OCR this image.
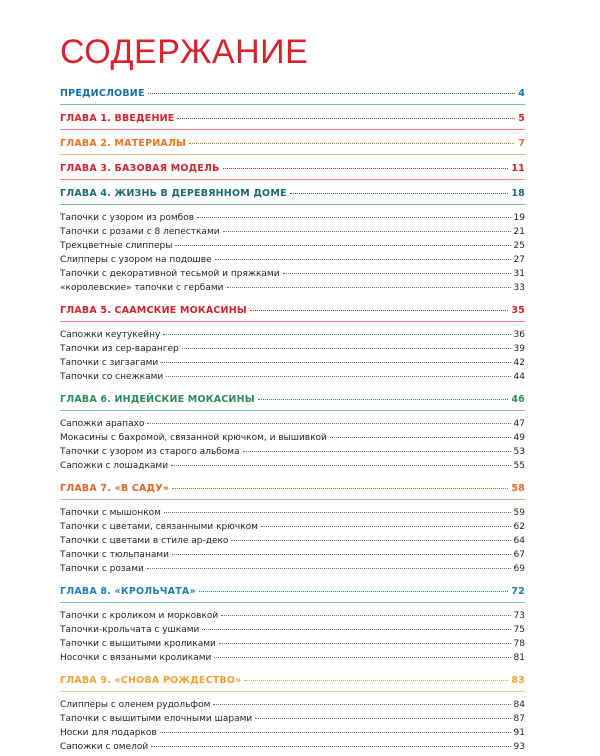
СОДЕРЖАНИЕ
ПРЕДИСЛОВИЕ	4
ГЛАВА 1. ВВЕДЕНИЕ	5
ГЛАВА 2. МАТЕРИАЛЫ	7
ГЛАВА 3. БАЗОВАЯ МОДЕЛЬ	11
ГЛАВА 4. ЖИЗНЬ В ДЕРЕВЯННОМ ДОМЕ	18
Тапочки с узором из ромбов	19
Тапочки с розами с 8 лепестками	21
Трехцветные слипперы	25
Слипперы с узором на подошве	27
Тапочки с декоративной тесьмой и пряжками	31
«королевские» тапочки с гербами	33
ГЛАВА 5. СААМСКИЕ МОКАСИНЫ	35
Сапожки кеутукейну	36
Тапочки из сер-варангер	39
Тапочки с зигзагами	42
Тапочки со снежками	44
ГЛАВА 6. ИНДЕЙСКИЕ МОКАСИНЫ	46
Сапожки арапахо	47
Мокасины с бахромой, связанной крючком, и вышивкой	49
Тапочки с узором из старого альбома	53
Сапожки с лошадками	55
ГЛАВА 7. «В САДУ»	58
Тапочки с мышонком	59
Тапочки с цветами, связанными крючком	62
Тапочки с цветами в стиле ар-деко	64
Тапочки с тюльпанами	67
Тапочки с розами	69
ГЛАВА 8. «КРОЛЬЧАТА»	72
Тапочки с кроликом и морковкой	73
Тапочки-крольчата с ушками	75
Тапочки с вышитыми кроликами	78
Носочки с вязаными кроликами	81
ГЛАВА 9. «СНОВА РОЖДЕСТВО»	83
Слипперы с оленем рудольфом	84
Тапочки с вышитыми елочными шарами	87
Носки для подарков	91
Сапожки с омелой	93
